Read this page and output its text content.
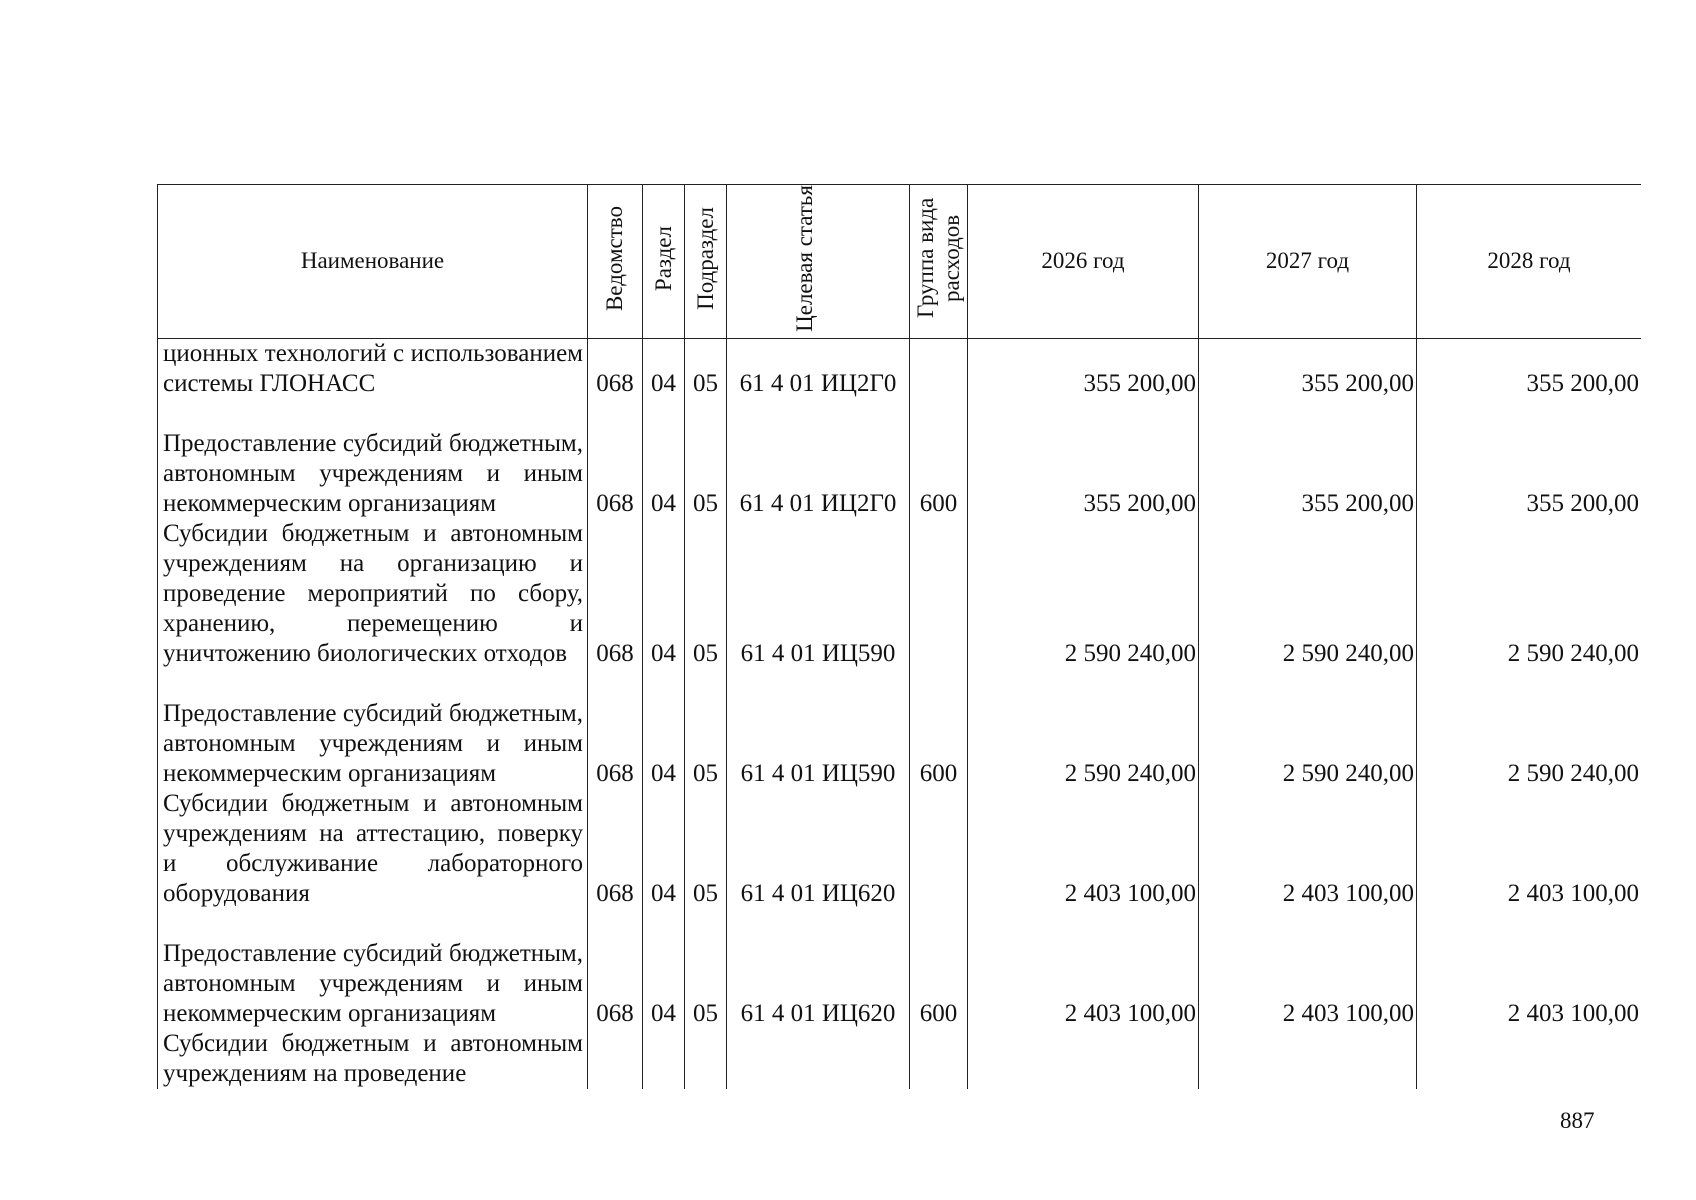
Наименование	Ведомство	Раздел	Подраздел	Целевая статья	Группа вида расходов	2026 год	2027 год	2028 год
ционных технологий с использованием системы ГЛОНАСС	068	04	05	61 4 01 ИЦ2Г0		355 200,00	355 200,00	355 200,00
Предоставление субсидий бюджетным, автономным учреждениям и иным некоммерческим организациям	068	04	05	61 4 01 ИЦ2Г0	600	355 200,00	355 200,00	355 200,00
Субсидии бюджетным и автономным учреждениям на организацию и проведение мероприятий по сбору, хранению, перемещению и уничтожению биологических отходов	068	04	05	61 4 01 ИЦ590		2 590 240,00	2 590 240,00	2 590 240,00
Предоставление субсидий бюджетным, автономным учреждениям и иным некоммерческим организациям	068	04	05	61 4 01 ИЦ590	600	2 590 240,00	2 590 240,00	2 590 240,00
Субсидии бюджетным и автономным учреждениям на аттестацию, поверку и обслуживание лабораторного оборудования	068	04	05	61 4 01 ИЦ620		2 403 100,00	2 403 100,00	2 403 100,00
Предоставление субсидий бюджетным, автономным учреждениям и иным некоммерческим организациям	068	04	05	61 4 01 ИЦ620	600	2 403 100,00	2 403 100,00	2 403 100,00
Субсидии бюджетным и автономным учреждениям на проведение								
887
